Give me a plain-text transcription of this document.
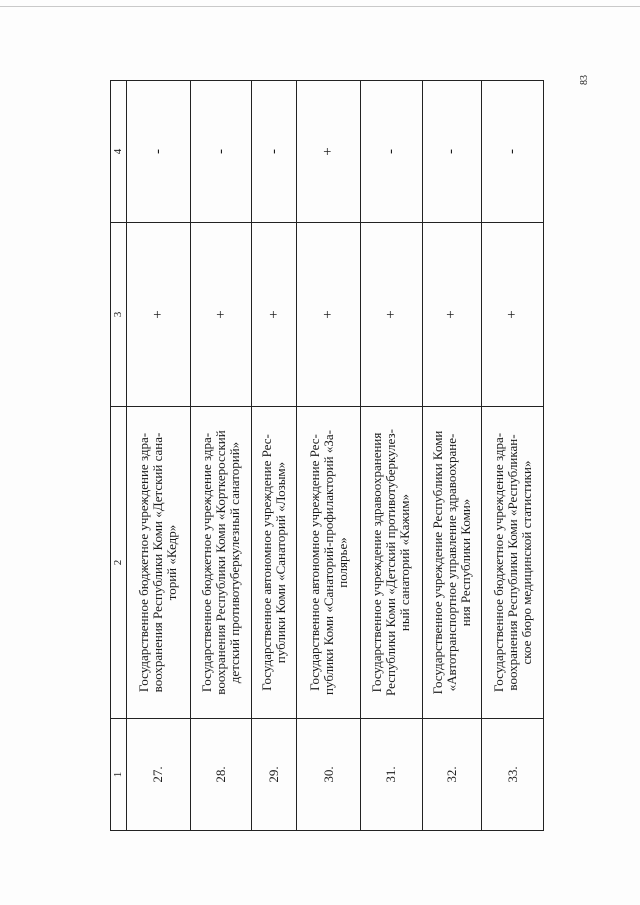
83
1	2	3	4
27.	Государственное бюджетное учреждение здра- воохранения Республики Коми «Детский сана- торий «Кедр»	+	-
28.	Государственное бюджетное учреждение здра- воохранения Республики Коми «Корткеросский детский противотуберкулезный санаторий»	+	-
29.	Государственное автономное учреждение Рес- публики Коми «Санаторий «Лозым»	+	-
30.	Государственное автономное учреждение Рес- публики Коми «Санаторий-профилакторий «За- полярье»	+	+
31.	Государственное учреждение здравоохранения Республики Коми «Детский противотуберкулез- ный санаторий «Кажим»	+	-
32.	Государственное учреждение Республики Коми «Автотранспортное управление здравоохране- ния Республики Коми»	+	-
33.	Государственное бюджетное учреждение здра- воохранения Республики Коми «Республикан- ское бюро медицинской статистики»	+	-
